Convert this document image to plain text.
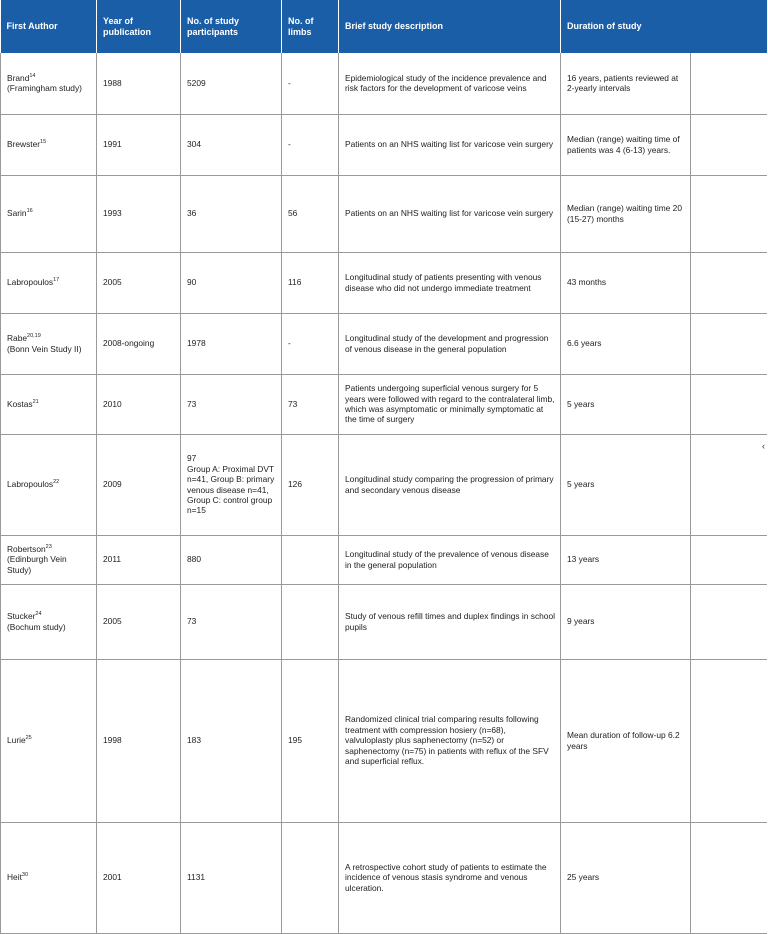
First Author	Year of publication	No. of study participants	No. of limbs	Brief study description	Duration of study	
Brand$^{14}$
(Framingham study)	1988	5209	-	Epidemiological study of the incidence prevalence and risk factors for the development of varicose veins	16 years, patients reviewed at 2-yearly intervals	
Brewster$^{15}$	1991	304	-	Patients on an NHS waiting list for varicose vein surgery	Median (range) waiting time of patients was 4 (6-13) years.	
Sarin$^{16}$	1993	36	56	Patients on an NHS waiting list for varicose vein surgery	Median (range) waiting time 20 (15-27) months	
Labropoulos$^{17}$	2005	90	116	Longitudinal study of patients presenting with venous disease who did not undergo immediate treatment	43 months	
Rabe$^{20,19}$
(Bonn Vein Study II)	2008-ongoing	1978	-	Longitudinal study of the development and progression of venous disease in the general population	6.6 years	
Kostas$^{21}$	2010	73	73	Patients undergoing superficial venous surgery for 5 years were followed with regard to the contralateral limb, which was asymptomatic or minimally symptomatic at the time of surgery	5 years	
Labropoulos$^{22}$	2009	97
Group A: Proximal DVT n=41, Group B: primary venous disease n=41,
Group C: control group n=15	126	Longitudinal study comparing the progression of primary and secondary venous disease	5 years	
Robertson$^{23}$
(Edinburgh Vein Study)	2011	880		Longitudinal study of the prevalence of venous disease in the general population	13 years	
Stucker$^{24}$
(Bochum study)	2005	73		Study of venous refill times and duplex findings in school pupils	9 years	
Lurie$^{25}$	1998	183	195	Randomized clinical trial comparing results following treatment with compression hosiery (n=68), valvuloplasty plus saphenectomy (n=52) or saphenectomy (n=75) in patients with reflux of the SFV and superficial reflux.	Mean duration of follow-up 6.2 years	
Heit$^{30}$	2001	1131		A retrospective cohort study of patients to estimate the incidence of venous stasis syndrome and venous ulceration.	25 years	
‹
